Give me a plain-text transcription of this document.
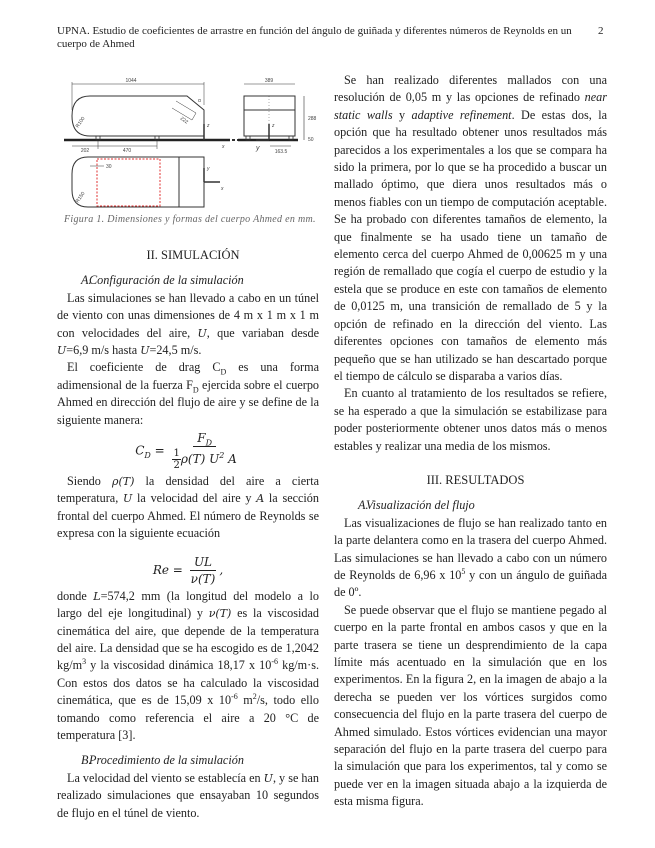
UPNA. Estudio de coeficientes de arrastre en función del ángulo de guiñada y diferentes números de Reynolds en un cuerpo de Ahmed
2
1044	389
288
50
222
α
R100
R150
202	470	163.5
30
z
x
z
y
y
x
Figura 1. Dimensiones y formas del cuerpo Ahmed en mm.

II. SIMULACIÓN

A.Configuración de la simulación

Las simulaciones se han llevado a cabo en un túnel de viento con unas dimensiones de 4 m x 1 m x 1 m con velocidades del aire, U, que variaban desde U=6,9 m/s hasta U=24,5 m/s.

El coeficiente de drag $C_D$ es una forma adimensional de la fuerza $F_D$ ejercida sobre el cuerpo Ahmed en dirección del flujo de aire y se define de la siguiente manera:

$C_D = \frac{F_D}{\frac{1}{2} \rho(T) U^2 A}$

Siendo ρ(T) la densidad del aire a cierta temperatura, U la velocidad del aire y A la sección frontal del cuerpo Ahmed. El número de Reynolds se expresa con la siguiente ecuación

$Re = \frac{UL}{\nu(T)}$ ,

donde L=574,2 mm (la longitud del modelo a lo largo del eje longitudinal) y ν(T) es la viscosidad cinemática del aire, que depende de la temperatura del aire. La densidad que se ha escogido es de 1,2042 $kg/m^3$ y la viscosidad dinámica 18,17 x $10^{-6}$ kg/m·s. Con estos dos datos se ha calculado la viscosidad cinemática, que es de 15,09 x $10^{-6}$ $m^2/s$, todo ello tomando como referencia el aire a 20 °C de temperatura [3].

B.Procedimiento de la simulación

La velocidad del viento se establecía en U, y se han realizado simulaciones que ensayaban 10 segundos de flujo en el túnel de viento.

Se han realizado diferentes mallados con una resolución de 0,05 m y las opciones de refinado near static walls y adaptive refinement. De estas dos, la opción que ha resultado obtener unos resultados más parecidos a los experimentales a los que se compara ha sido la primera, por lo que se ha procedido a buscar un mallado óptimo, que diera unos resultados más o menos fiables con un tiempo de computación aceptable. Se ha probado con diferentes tamaños de elemento, la que finalmente se ha usado tiene un tamaño de elemento cerca del cuerpo Ahmed de 0,00625 m y una región de remallado que cogía el cuerpo de estudio y la estela que se produce en este con tamaños de elemento de 0,0125 m, una transición de remallado de 5 y la opción de refinado en la dirección del viento. Las diferentes opciones con tamaños de elemento más pequeño que se han utilizado se han descartado porque el tiempo de cálculo se disparaba a varios días.

En cuanto al tratamiento de los resultados se refiere, se ha esperado a que la simulación se estabilizase para poder posteriormente obtener unos datos más o menos estables y realizar una media de los mismos.

III. RESULTADOS

A.Visualización del flujo

Las visualizaciones de flujo se han realizado tanto en la parte delantera como en la trasera del cuerpo Ahmed. Las simulaciones se han llevado a cabo con un número de Reynolds de 6,96 x $10^5$ y con un ángulo de guiñada de 0º.

Se puede observar que el flujo se mantiene pegado al cuerpo en la parte frontal en ambos casos y que en la parte trasera se tiene un desprendimiento de la capa límite más acentuado en la simulación que en los experimentos. En la figura 2, en la imagen de abajo a la derecha se pueden ver los vórtices surgidos como consecuencia del flujo en la parte trasera del cuerpo de Ahmed simulado. Estos vórtices evidencian una mayor separación del flujo en la parte trasera del cuerpo para la simulación que para los experimentos, tal y como se puede ver en la imagen situada abajo a la izquierda de esta misma figura.
